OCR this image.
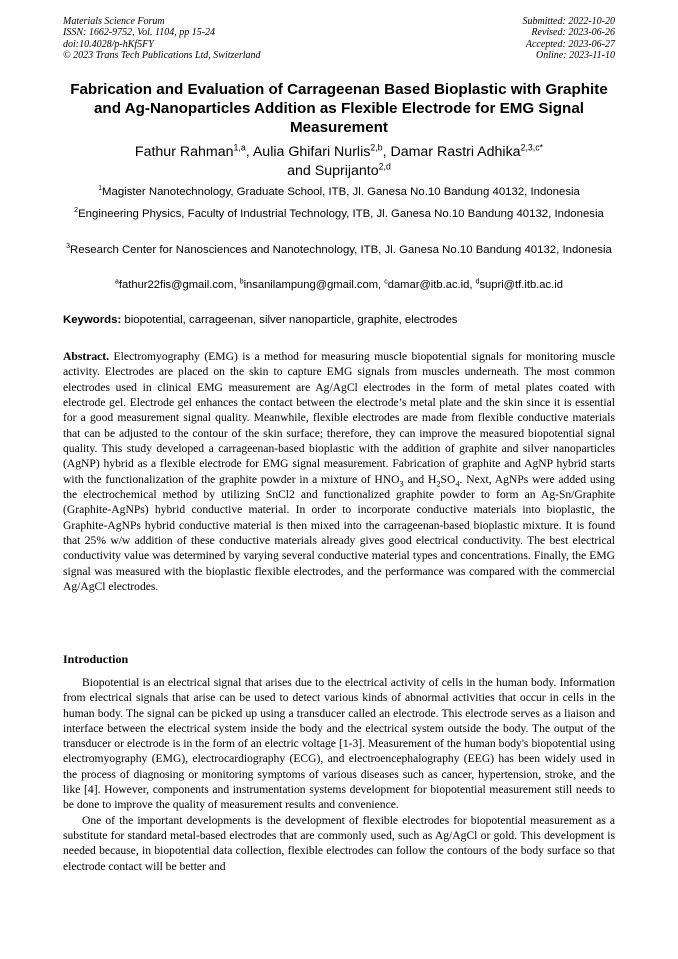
Materials Science Forum
ISSN: 1662-9752, Vol. 1104, pp 15-24
doi:10.4028/p-hKf5FY
© 2023 Trans Tech Publications Ltd, Switzerland
Submitted: 2022-10-20
Revised: 2023-06-26
Accepted: 2023-06-27
Online: 2023-11-10
Fabrication and Evaluation of Carrageenan Based Bioplastic with Graphite and Ag-Nanoparticles Addition as Flexible Electrode for EMG Signal Measurement
Fathur Rahman$^{1,a}$, Aulia Ghifari Nurlis$^{2,b}$, Damar Rastri Adhika$^{2,3,c*}$
and Suprijanto$^{2,d}$
$^1$Magister Nanotechnology, Graduate School, ITB, Jl. Ganesa No.10 Bandung 40132, Indonesia
$^2$Engineering Physics, Faculty of Industrial Technology, ITB, Jl. Ganesa No.10 Bandung 40132, Indonesia
$^3$Research Center for Nanosciences and Nanotechnology, ITB, Jl. Ganesa No.10 Bandung 40132, Indonesia
$^a$fathur22fis@gmail.com, $^b$insanilampung@gmail.com, $^c$damar@itb.ac.id, $^d$supri@tf.itb.ac.id
Keywords: biopotential, carrageenan, silver nanoparticle, graphite, electrodes
Abstract. Electromyography (EMG) is a method for measuring muscle biopotential signals for monitoring muscle activity. Electrodes are placed on the skin to capture EMG signals from muscles underneath. The most common electrodes used in clinical EMG measurement are Ag/AgCl electrodes in the form of metal plates coated with electrode gel. Electrode gel enhances the contact between the electrode’s metal plate and the skin since it is essential for a good measurement signal quality. Meanwhile, flexible electrodes are made from flexible conductive materials that can be adjusted to the contour of the skin surface; therefore, they can improve the measured biopotential signal quality. This study developed a carrageenan-based bioplastic with the addition of graphite and silver nanoparticles (AgNP) hybrid as a flexible electrode for EMG signal measurement. Fabrication of graphite and AgNP hybrid starts with the functionalization of the graphite powder in a mixture of $HNO_3$ and $H_2SO_4$. Next, AgNPs were added using the electrochemical method by utilizing SnCl2 and functionalized graphite powder to form an Ag-Sn/Graphite (Graphite-AgNPs) hybrid conductive material. In order to incorporate conductive materials into bioplastic, the Graphite-AgNPs hybrid conductive material is then mixed into the carrageenan-based bioplastic mixture. It is found that 25% w/w addition of these conductive materials already gives good electrical conductivity. The best electrical conductivity value was determined by varying several conductive material types and concentrations. Finally, the EMG signal was measured with the bioplastic flexible electrodes, and the performance was compared with the commercial Ag/AgCl electrodes.
Introduction

Biopotential is an electrical signal that arises due to the electrical activity of cells in the human body. Information from electrical signals that arise can be used to detect various kinds of abnormal activities that occur in cells in the human body. The signal can be picked up using a transducer called an electrode. This electrode serves as a liaison and interface between the electrical system inside the body and the electrical system outside the body. The output of the transducer or electrode is in the form of an electric voltage [1-3]. Measurement of the human body's biopotential using electromyography (EMG), electrocardiography (ECG), and electroencephalography (EEG) has been widely used in the process of diagnosing or monitoring symptoms of various diseases such as cancer, hypertension, stroke, and the like [4]. However, components and instrumentation systems development for biopotential measurement still needs to be done to improve the quality of measurement results and convenience.

One of the important developments is the development of flexible electrodes for biopotential measurement as a substitute for standard metal-based electrodes that are commonly used, such as Ag/AgCl or gold. This development is needed because, in biopotential data collection, flexible electrodes can follow the contours of the body surface so that electrode contact will be better and
